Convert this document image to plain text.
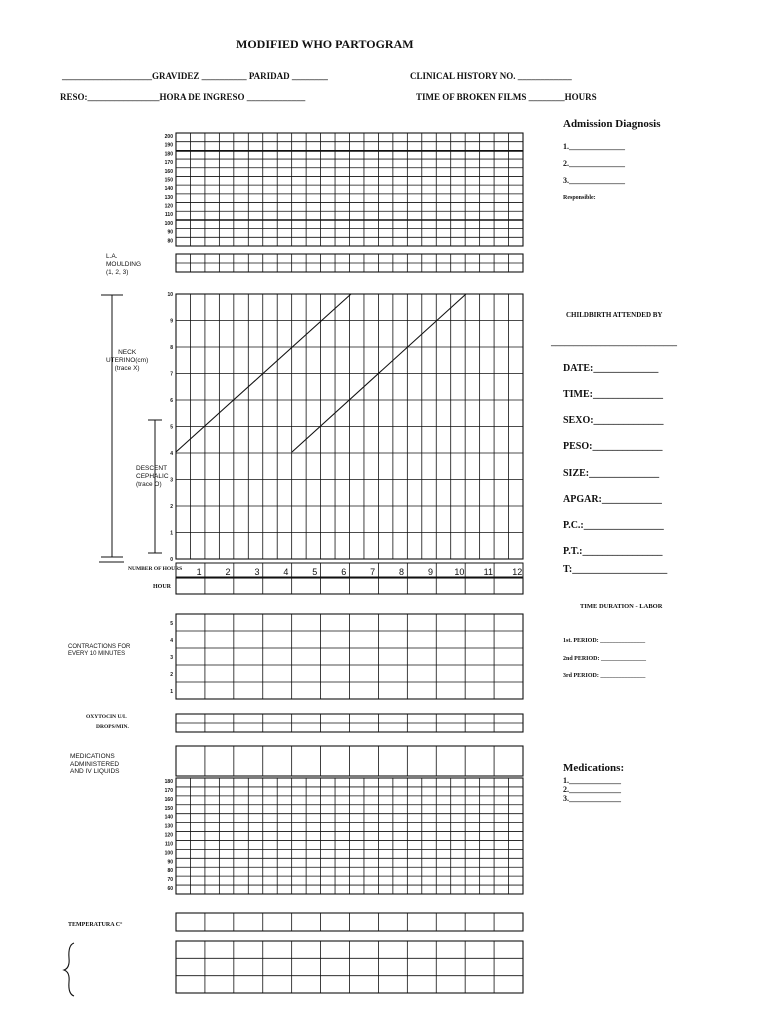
MODIFIED WHO PARTOGRAM
____________________GRAVIDEZ __________ PARIDAD ________	CLINICAL HISTORY NO. ____________
RESO:________________HORA DE INGRESO _____________	TIME OF BROKEN FILMS ________HOURS
Admission Diagnosis
1.______________
2.______________
3.______________
Responsible:
L.A.
MOULDING
(1, 2, 3)
NECK
UTERINO(cm)
(trace X)
DESCENT
CEPHALIC
(trace O)
NUMBER OF HOURS
HOUR
CONTRACTIONS FOR
EVERY 10 MINUTES
OXYTOCIN U/L
DROPS/MIN.
MEDICATIONS
ADMINISTERED
AND IV LIQUIDS
TEMPERATURA C°
CHILDBIRTH ATTENDED BY
____________________________
DATE:_____________
TIME:______________
SEXO:______________
PESO:______________
SIZE:______________
APGAR:____________
P.C.:________________
P.T.:________________
T:___________________
TIME DURATION - LABOR
1st. PERIOD: _______________
2nd PERIOD: _______________
3rd PERIOD: _______________
Medications:
1._____________
2._____________
3._____________
200
190
180
170
160
150
140
130
120
110
100
90
80
10
9
8
7
6
5
4
3
2
1
0
1	2	3	4	5	6	7	8	9 10 11 12
5
4
3
2
1
180
170
160
150
140
130
120
110
100
90
80
70
60
